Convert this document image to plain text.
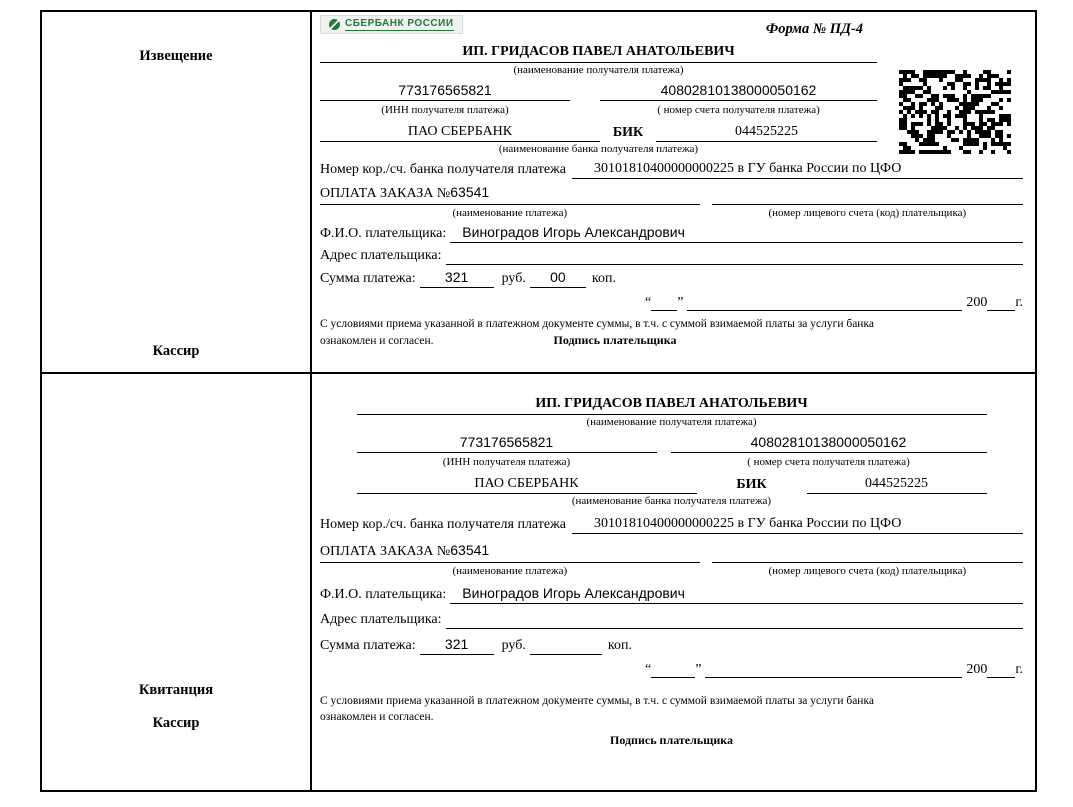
Извещение
Кассир
СБЕРБАНК РОССИИ	Форма № ПД-4
ИП. ГРИДАСОВ ПАВЕЛ АНАТОЛЬЕВИЧ
(наименование получателя платежа)
773176565821	40802810138000050162
(ИНН получателя платежа)	( номер счета получателя платежа)
ПАО СБЕРБАНК	БИК	044525225
(наименование банка получателя платежа)
Номер кор./сч. банка получателя платежа	30101810400000000225 в ГУ банка России по ЦФО
ОПЛАТА ЗАКАЗА №63541
(наименование платежа)	(номер лицевого счета (код) плательщика)
Ф.И.О. плательщика:	Виноградов Игорь Александрович
Адрес плательщика:
Сумма платежа:	321	руб.	00	коп.
“ ”	200 г.
С условиями приема указанной в платежном документе суммы, в т.ч. с суммой взимаемой платы за услуги банка
ознакомлен и согласен.	Подпись плательщика
Квитанция
Кассир
ИП. ГРИДАСОВ ПАВЕЛ АНАТОЛЬЕВИЧ
(наименование получателя платежа)
773176565821	40802810138000050162
(ИНН получателя платежа)	( номер счета получателя платежа)
ПАО СБЕРБАНК	БИК	044525225
(наименование банка получателя платежа)
Номер кор./сч. банка получателя платежа	30101810400000000225 в ГУ банка России по ЦФО
ОПЛАТА ЗАКАЗА №63541
(наименование платежа)	(номер лицевого счета (код) плательщика)
Ф.И.О. плательщика:	Виноградов Игорь Александрович
Адрес плательщика:
Сумма платежа:	321	руб.	коп.
“	”	200 г.
С условиями приема указанной в платежном документе суммы, в т.ч. с суммой взимаемой платы за услуги банка
ознакомлен и согласен.
Подпись плательщика
